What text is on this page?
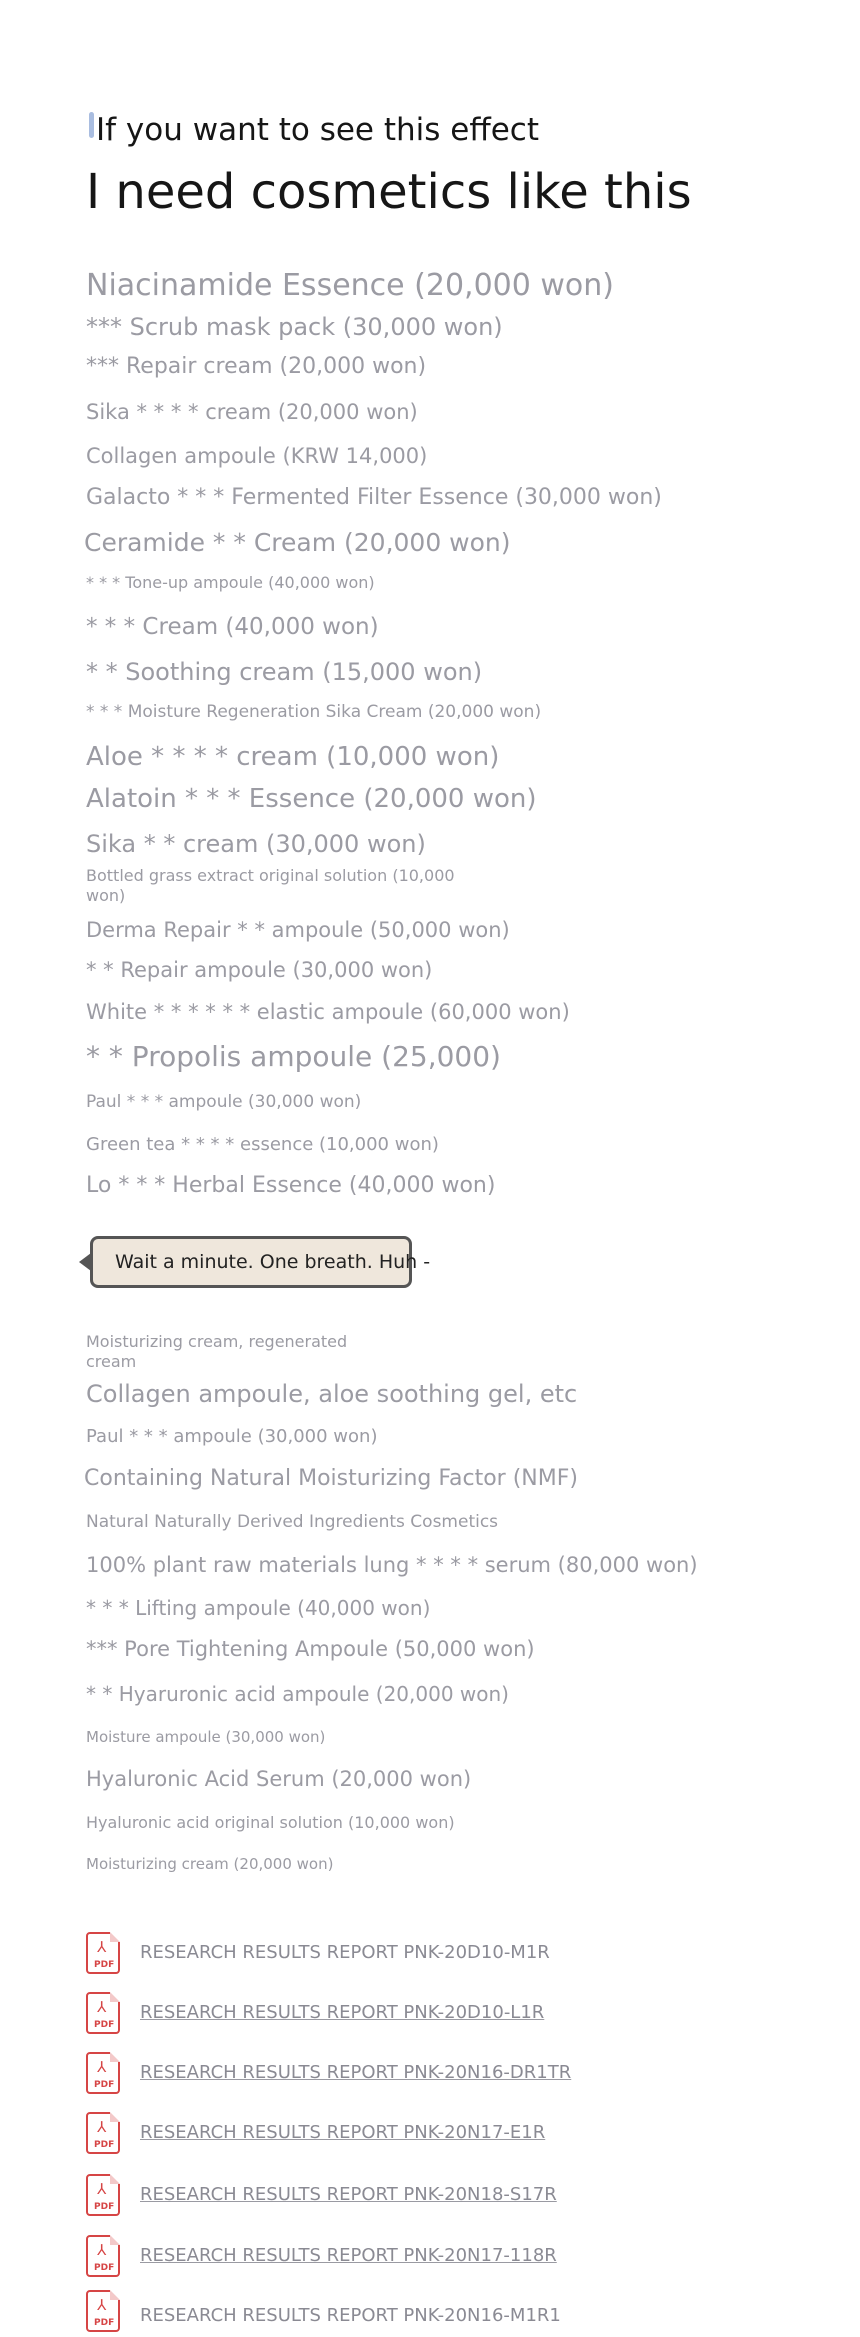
If you want to see this effect
I need cosmetics like this
Niacinamide Essence (20,000 won)
*** Scrub mask pack (30,000 won)
*** Repair cream (20,000 won)
Sika * * * * cream (20,000 won)
Collagen ampoule (KRW 14,000)
Galacto * * * Fermented Filter Essence (30,000 won)
Ceramide * * Cream (20,000 won)
* * * Tone-up ampoule (40,000 won)
* * * Cream (40,000 won)
* * Soothing cream (15,000 won)
* * * Moisture Regeneration Sika Cream (20,000 won)
Aloe * * * * cream (10,000 won)
Alatoin * * * Essence (20,000 won)
Sika * * cream (30,000 won)
Bottled grass extract original solution (10,000
won)
Derma Repair * * ampoule (50,000 won)
* * Repair ampoule (30,000 won)
White * * * * * * elastic ampoule (60,000 won)
* * Propolis ampoule (25,000)
Paul * * * ampoule (30,000 won)
Green tea * * * * essence (10,000 won)
Lo * * * Herbal Essence (40,000 won)
Wait a minute. One breath. Huh -
Moisturizing cream, regenerated
cream
Collagen ampoule, aloe soothing gel, etc
Paul * * * ampoule (30,000 won)
Containing Natural Moisturizing Factor (NMF)
Natural Naturally Derived Ingredients Cosmetics
100% plant raw materials lung * * * * serum (80,000 won)
* * * Lifting ampoule (40,000 won)
*** Pore Tightening Ampoule (50,000 won)
* * Hyaruronic acid ampoule (20,000 won)
Moisture ampoule (30,000 won)
Hyaluronic Acid Serum (20,000 won)
Hyaluronic acid original solution (10,000 won)
Moisturizing cream (20,000 won)
⅄
PDF
RESEARCH RESULTS REPORT PNK-20D10-M1R
⅄
PDF
RESEARCH RESULTS REPORT PNK-20D10-L1R
⅄
PDF
RESEARCH RESULTS REPORT PNK-20N16-DR1TR
⅄
PDF
RESEARCH RESULTS REPORT PNK-20N17-E1R
⅄
PDF
RESEARCH RESULTS REPORT PNK-20N18-S17R
⅄
PDF
RESEARCH RESULTS REPORT PNK-20N17-118R
⅄
PDF RESEARCH RESULTS REPORT PNK-20N16-M1R1
